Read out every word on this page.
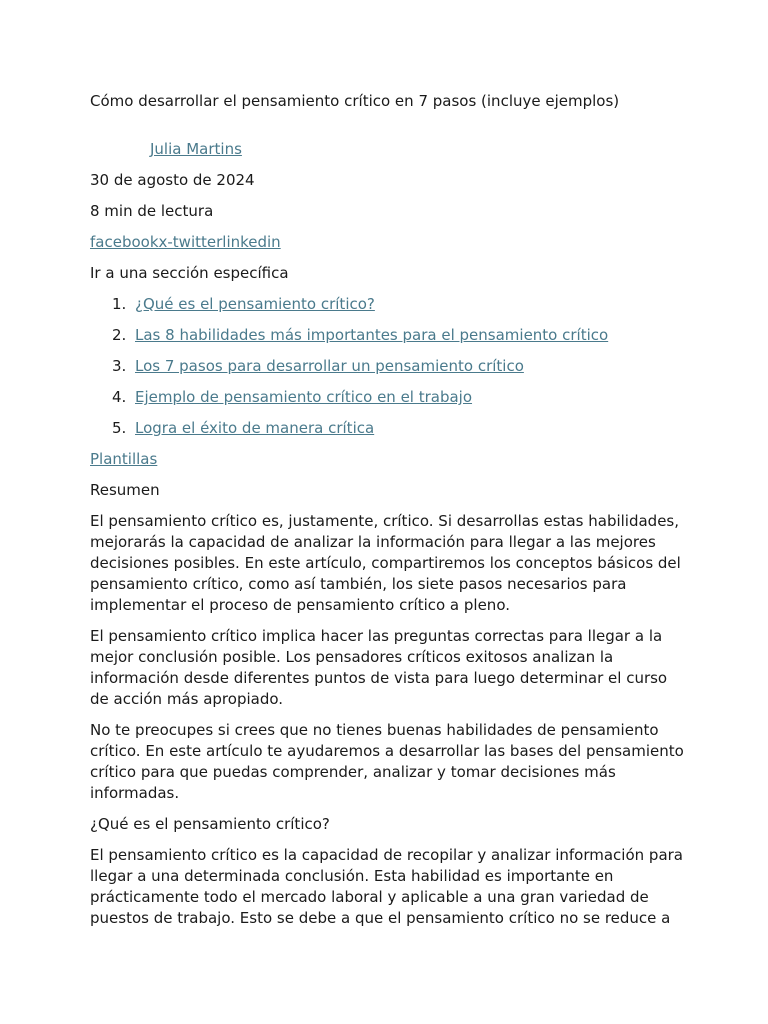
Cómo desarrollar el pensamiento crítico en 7 pasos (incluye ejemplos)

Julia Martins

30 de agosto de 2024

8 min de lectura

facebookx-twitterlinkedin

Ir a una sección específica

1. ¿Qué es el pensamiento crítico?
2. Las 8 habilidades más importantes para el pensamiento crítico
3. Los 7 pasos para desarrollar un pensamiento crítico
4. Ejemplo de pensamiento crítico en el trabajo
5. Logra el éxito de manera crítica

Plantillas

Resumen

El pensamiento crítico es, justamente, crítico. Si desarrollas estas habilidades, mejorarás la capacidad de analizar la información para llegar a las mejores decisiones posibles. En este artículo, compartiremos los conceptos básicos del pensamiento crítico, como así también, los siete pasos necesarios para implementar el proceso de pensamiento crítico a pleno.

El pensamiento crítico implica hacer las preguntas correctas para llegar a la mejor conclusión posible. Los pensadores críticos exitosos analizan la información desde diferentes puntos de vista para luego determinar el curso de acción más apropiado.

No te preocupes si crees que no tienes buenas habilidades de pensamiento crítico. En este artículo te ayudaremos a desarrollar las bases del pensamiento crítico para que puedas comprender, analizar y tomar decisiones más informadas.

¿Qué es el pensamiento crítico?

El pensamiento crítico es la capacidad de recopilar y analizar información para llegar a una determinada conclusión. Esta habilidad es importante en prácticamente todo el mercado laboral y aplicable a una gran variedad de puestos de trabajo. Esto se debe a que el pensamiento crítico no se reduce a
